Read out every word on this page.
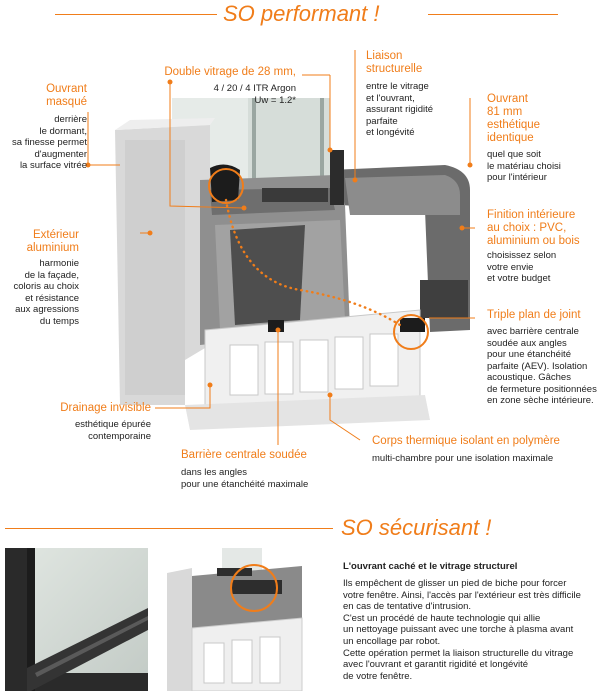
SO performant !
Ouvrant
masqué
derrière
le dormant,
sa finesse permet
d'augmenter
la surface vitrée
Extérieur
aluminium
harmonie
de la façade,
coloris au choix
et résistance
aux agressions
du temps
Drainage invisible
esthétique épurée
contemporaine
Double vitrage de 28 mm,
4 / 20 / 4 ITR Argon
Uw = 1.2*
Liaison
structurelle
entre le vitrage
et l'ouvrant,
assurant rigidité
parfaite
et longévité
Ouvrant
81 mm
esthétique
identique
quel que soit
le matériau choisi
pour l'intérieur
Finition intérieure
au choix : PVC,
aluminium ou bois
choisissez selon
votre envie
et votre budget
Triple plan de joint
avec barrière centrale
soudée aux angles
pour une étanchéité
parfaite (AEV). Isolation
acoustique. Gâches
de fermeture positionnées
en zone sèche intérieure.
Barrière centrale soudée
dans les angles
pour une étanchéité maximale
Corps thermique isolant en polymère
multi-chambre pour une isolation maximale
SO sécurisant !
L'ouvrant caché et le vitrage structurel
Ils empêchent de glisser un pied de biche pour forcer
votre fenêtre. Ainsi, l'accès par l'extérieur est très difficile
en cas de tentative d'intrusion.
C'est un procédé de haute technologie qui allie
un nettoyage puissant avec une torche à plasma avant
un encollage par robot.
Cette opération permet la liaison structurelle du vitrage
avec l'ouvrant et garantit rigidité et longévité
de votre fenêtre.
